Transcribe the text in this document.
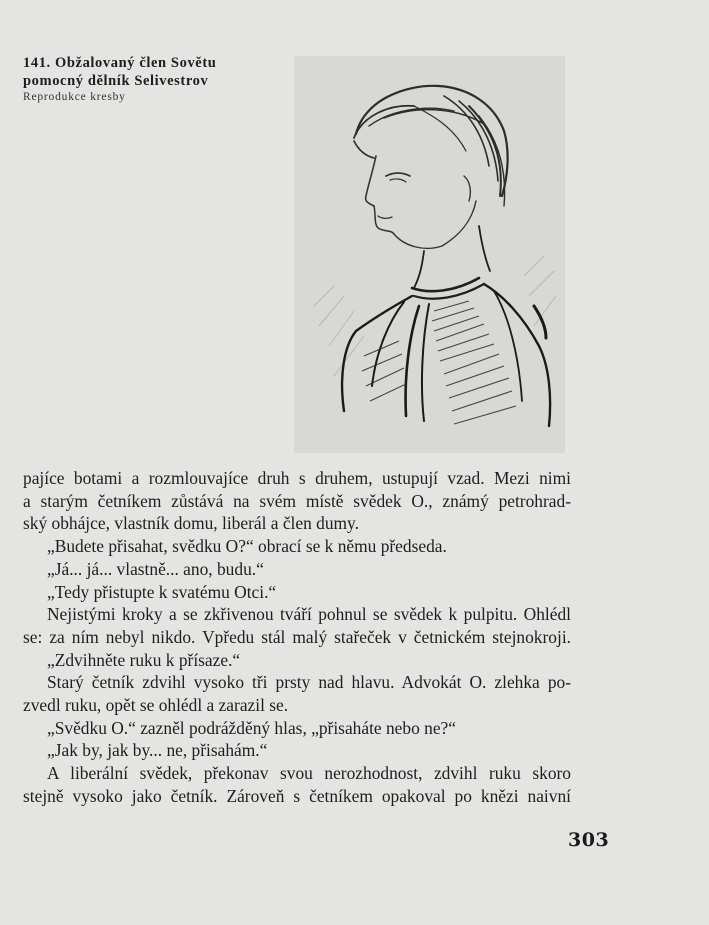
141. Obžalovaný člen Sovětu
pomocný dělník Selivestrov
Reprodukce kresby
pajíce botami a rozmlouvajíce druh s druhem, ustupují vzad. Mezi nimi
a starým četníkem zůstává na svém místě svědek O., známý petrohrad-
ský obhájce, vlastník domu, liberál a člen dumy.
„Budete přisahat, svědku O?“ obrací se k němu předseda.
„Já... já... vlastně... ano, budu.“
„Tedy přistupte k svatému Otci.“
Nejistými kroky a se zkřivenou tváří pohnul se svědek k pulpitu. Ohlédl
se: za ním nebyl nikdo. Vpředu stál malý stařeček v četnickém stejnokroji.
„Zdvihněte ruku k přísaze.“
Starý četník zdvihl vysoko tři prsty nad hlavu. Advokát O. zlehka po-
zvedl ruku, opět se ohlédl a zarazil se.
„Svědku O.“ zazněl podrážděný hlas, „přisaháte nebo ne?“
„Jak by, jak by... ne, přisahám.“
A liberální svědek, překonav svou nerozhodnost, zdvihl ruku skoro
stejně vysoko jako četník. Zároveň s četníkem opakoval po knězi naivní
303
